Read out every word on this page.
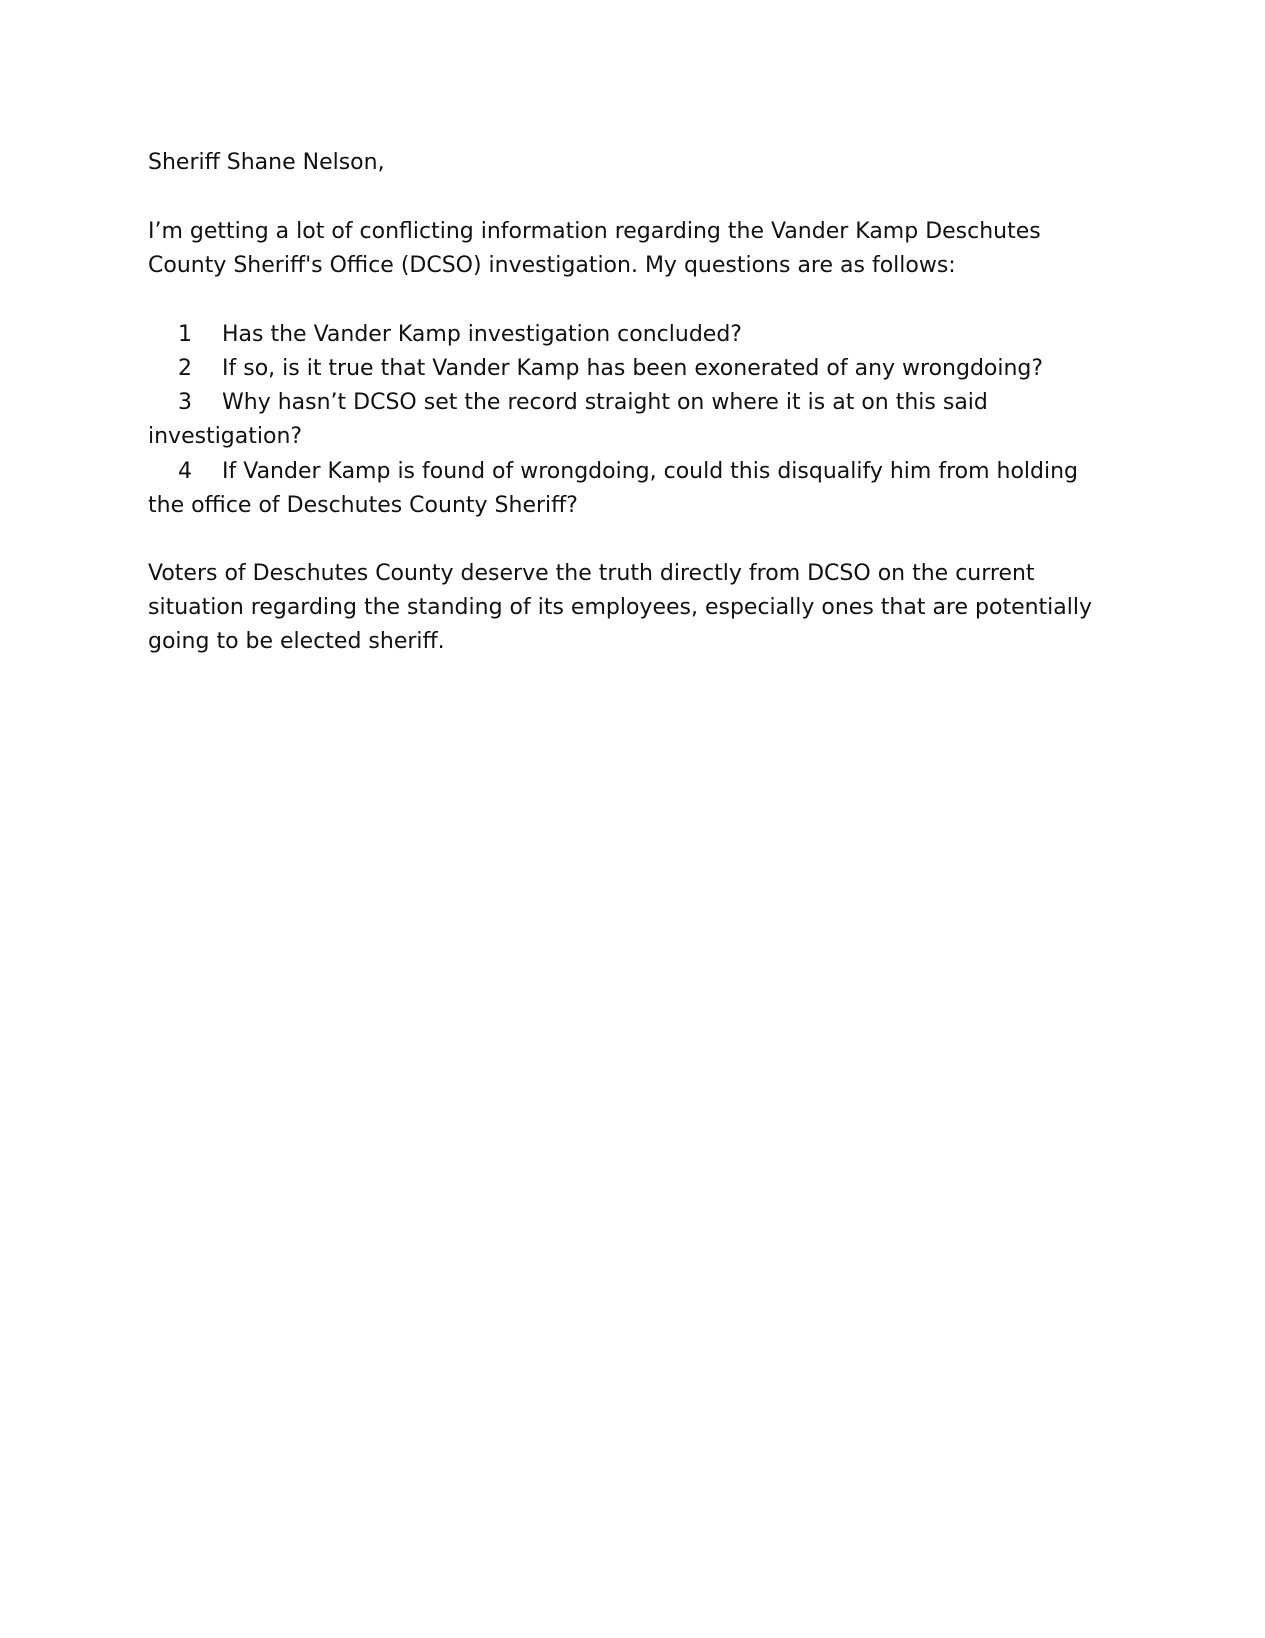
Sheriff Shane Nelson,
I’m getting a lot of conflicting information regarding the Vander Kamp Deschutes
County Sheriff's Office (DCSO) investigation. My questions are as follows:
1 Has the Vander Kamp investigation concluded?
2 If so, is it true that Vander Kamp has been exonerated of any wrongdoing?
3 Why hasn’t DCSO set the record straight on where it is at on this said
investigation?
4 If Vander Kamp is found of wrongdoing, could this disqualify him from holding
the office of Deschutes County Sheriff?
Voters of Deschutes County deserve the truth directly from DCSO on the current
situation regarding the standing of its employees, especially ones that are potentially
going to be elected sheriff.
